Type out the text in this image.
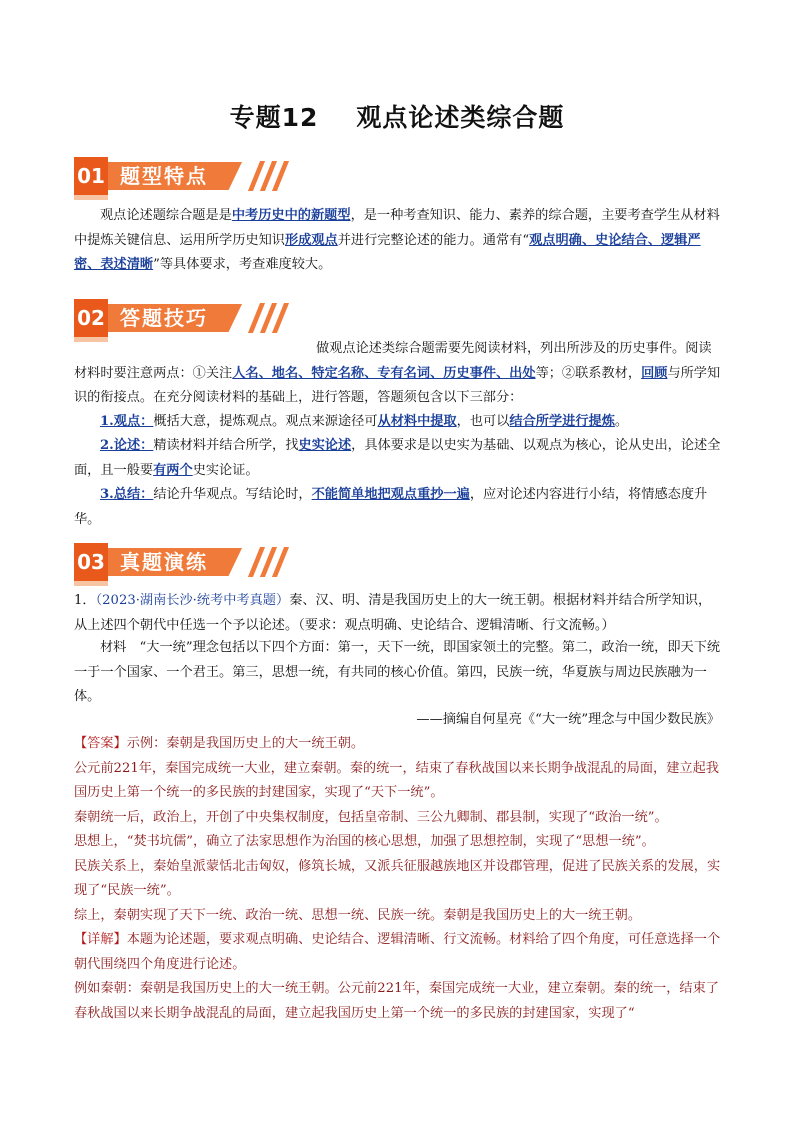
专题12 观点论述类综合题
01 题型特点
观点论述题综合题是是中考历史中的新题型，是一种考查知识、能力、素养的综合题，主要考查学生从材料中提炼关键信息、运用所学历史知识形成观点并进行完整论述的能力。通常有“观点明确、史论结合、逻辑严密、表述清晰”等具体要求，考查难度较大。
02 答题技巧
做观点论述类综合题需要先阅读材料，列出所涉及的历史事件。阅读材料时要注意两点：①关注人名、地名、特定名称、专有名词、历史事件、出处等；②联系教材，回顾与所学知识的衔接点。在充分阅读材料的基础上，进行答题，答题须包含以下三部分：
1.观点：概括大意，提炼观点。观点来源途径可从材料中提取，也可以结合所学进行提炼。
2.论述：精读材料并结合所学，找史实论述，具体要求是以史实为基础、以观点为核心，论从史出，论述全面，且一般要有两个史实论证。
3.总结：结论升华观点。写结论时，不能简单地把观点重抄一遍，应对论述内容进行小结，将情感态度升华。
03 真题演练
1．（2023·湖南长沙·统考中考真题）秦、汉、明、清是我国历史上的大一统王朝。根据材料并结合所学知识，从上述四个朝代中任选一个予以论述。（要求：观点明确、史论结合、逻辑清晰、行文流畅。）
材料　“大一统”理念包括以下四个方面：第一，天下一统，即国家领土的完整。第二，政治一统，即天下统一于一个国家、一个君王。第三，思想一统，有共同的核心价值。第四，民族一统，华夏族与周边民族融为一体。
——摘编自何星亮《“大一统”理念与中国少数民族》
【答案】示例：秦朝是我国历史上的大一统王朝。
公元前221年，秦国完成统一大业，建立秦朝。秦的统一，结束了春秋战国以来长期争战混乱的局面，建立起我国历史上第一个统一的多民族的封建国家，实现了“天下一统”。
秦朝统一后，政治上，开创了中央集权制度，包括皇帝制、三公九卿制、郡县制，实现了“政治一统”。
思想上，“焚书坑儒”，确立了法家思想作为治国的核心思想，加强了思想控制，实现了“思想一统”。
民族关系上，秦始皇派蒙恬北击匈奴，修筑长城，又派兵征服越族地区并设郡管理，促进了民族关系的发展，实现了“民族一统”。
综上，秦朝实现了天下一统、政治一统、思想一统、民族一统。秦朝是我国历史上的大一统王朝。
【详解】本题为论述题，要求观点明确、史论结合、逻辑清晰、行文流畅。材料给了四个角度，可任意选择一个朝代围绕四个角度进行论述。
例如秦朝：秦朝是我国历史上的大一统王朝。公元前221年，秦国完成统一大业，建立秦朝。秦的统一，结束了春秋战国以来长期争战混乱的局面，建立起我国历史上第一个统一的多民族的封建国家，实现了“
